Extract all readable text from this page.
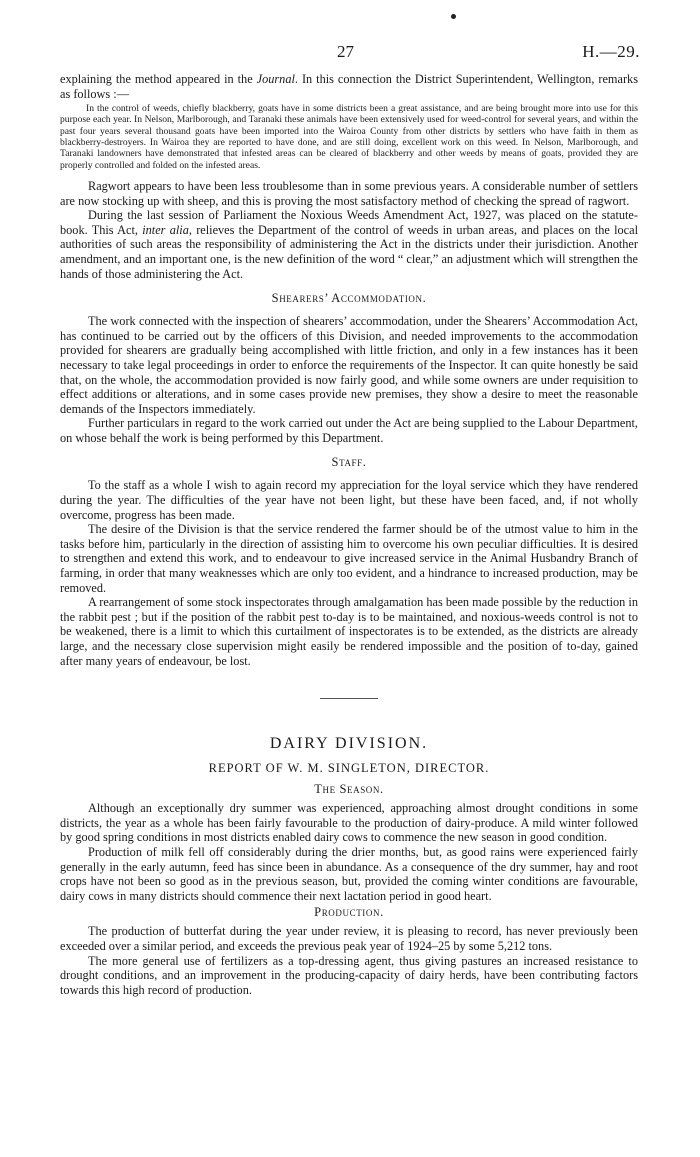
27	H.—29.

explaining the method appeared in the Journal. In this connection the District Superintendent, Wellington, remarks as follows :—

In the control of weeds, chiefly blackberry, goats have in some districts been a great assistance, and are being brought more into use for this purpose each year. In Nelson, Marlborough, and Taranaki these animals have been extensively used for weed-control for several years, and within the past four years several thousand goats have been imported into the Wairoa County from other districts by settlers who have faith in them as blackberry-destroyers. In Wairoa they are reported to have done, and are still doing, excellent work on this weed. In Nelson, Marlborough, and Taranaki landowners have demonstrated that infested areas can be cleared of blackberry and other weeds by means of goats, provided they are properly controlled and folded on the infested areas.

Ragwort appears to have been less troublesome than in some previous years. A considerable number of settlers are now stocking up with sheep, and this is proving the most satisfactory method of checking the spread of ragwort.

During the last session of Parliament the Noxious Weeds Amendment Act, 1927, was placed on the statute-book. This Act, inter alia, relieves the Department of the control of weeds in urban areas, and places on the local authorities of such areas the responsibility of administering the Act in the districts under their jurisdiction. Another amendment, and an important one, is the new definition of the word “ clear,” an adjustment which will strengthen the hands of those administering the Act.

Shearers’ Accommodation.

The work connected with the inspection of shearers’ accommodation, under the Shearers’ Accommodation Act, has continued to be carried out by the officers of this Division, and needed improvements to the accommodation provided for shearers are gradually being accomplished with little friction, and only in a few instances has it been necessary to take legal proceedings in order to enforce the requirements of the Inspector. It can quite honestly be said that, on the whole, the accommodation provided is now fairly good, and while some owners are under requisition to effect additions or alterations, and in some cases provide new premises, they show a desire to meet the reasonable demands of the Inspectors immediately.

Further particulars in regard to the work carried out under the Act are being supplied to the Labour Department, on whose behalf the work is being performed by this Department.

Staff.

To the staff as a whole I wish to again record my appreciation for the loyal service which they have rendered during the year. The difficulties of the year have not been light, but these have been faced, and, if not wholly overcome, progress has been made.

The desire of the Division is that the service rendered the farmer should be of the utmost value to him in the tasks before him, particularly in the direction of assisting him to overcome his own peculiar difficulties. It is desired to strengthen and extend this work, and to endeavour to give increased service in the Animal Husbandry Branch of farming, in order that many weaknesses which are only too evident, and a hindrance to increased production, may be removed.

A rearrangement of some stock inspectorates through amalgamation has been made possible by the reduction in the rabbit pest ; but if the position of the rabbit pest to-day is to be maintained, and noxious-weeds control is not to be weakened, there is a limit to which this curtailment of inspectorates is to be extended, as the districts are already large, and the necessary close supervision might easily be rendered impossible and the position of to-day, gained after many years of endeavour, be lost.

DAIRY DIVISION.
REPORT OF W. M. SINGLETON, DIRECTOR.
The Season.

Although an exceptionally dry summer was experienced, approaching almost drought conditions in some districts, the year as a whole has been fairly favourable to the production of dairy-produce. A mild winter followed by good spring conditions in most districts enabled dairy cows to commence the new season in good condition.

Production of milk fell off considerably during the drier months, but, as good rains were experienced fairly generally in the early autumn, feed has since been in abundance. As a consequence of the dry summer, hay and root crops have not been so good as in the previous season, but, provided the coming winter conditions are favourable, dairy cows in many districts should commence their next lactation period in good heart.

Production.

The production of butterfat during the year under review, it is pleasing to record, has never previously been exceeded over a similar period, and exceeds the previous peak year of 1924–25 by some 5,212 tons.

The more general use of fertilizers as a top-dressing agent, thus giving pastures an increased resistance to drought conditions, and an improvement in the producing-capacity of dairy herds, have been contributing factors towards this high record of production.
